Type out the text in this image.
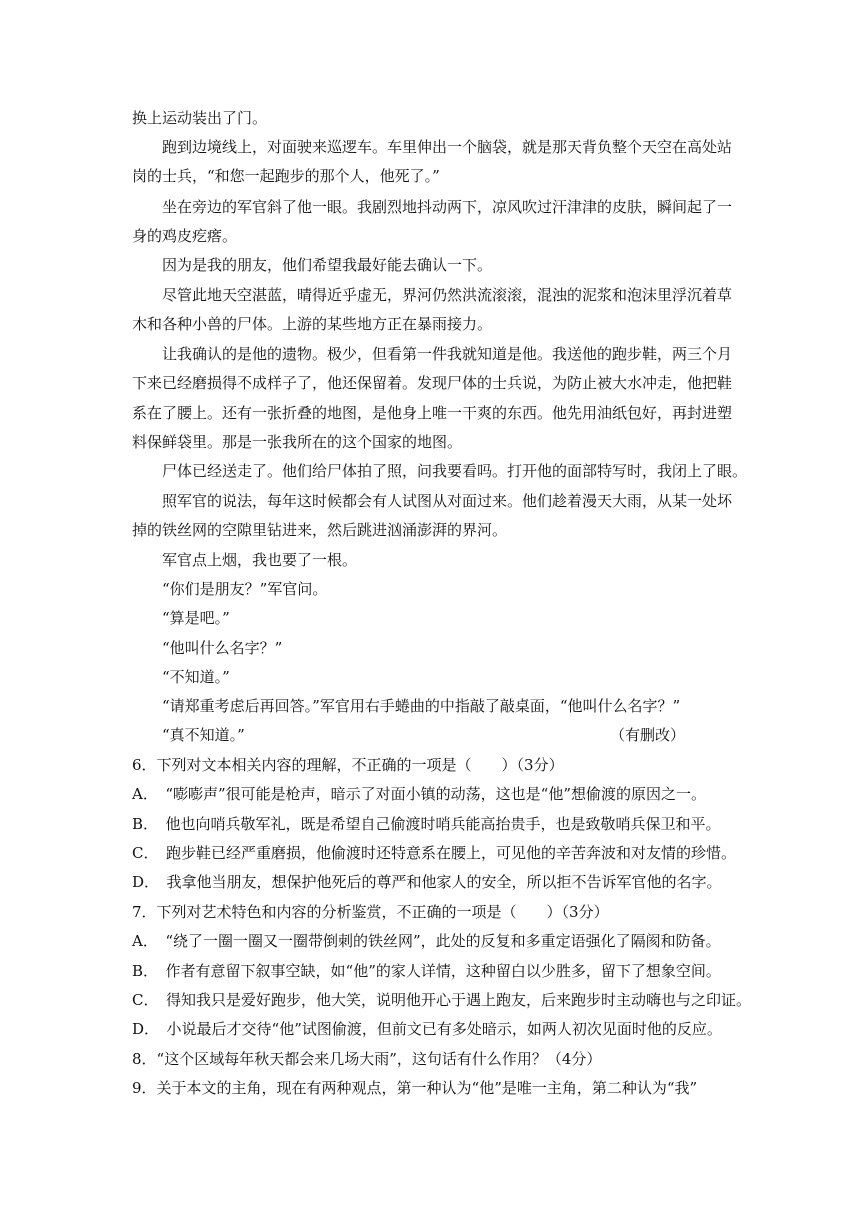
换上运动装出了门。
跑到边境线上，对面驶来巡逻车。车里伸出一个脑袋，就是那天背负整个天空在高处站
岗的士兵，“和您一起跑步的那个人，他死了。”
坐在旁边的军官斜了他一眼。我剧烈地抖动两下，凉风吹过汗津津的皮肤，瞬间起了一
身的鸡皮疙瘩。
因为是我的朋友，他们希望我最好能去确认一下。
尽管此地天空湛蓝，晴得近乎虚无，界河仍然洪流滚滚，混浊的泥浆和泡沫里浮沉着草
木和各种小兽的尸体。上游的某些地方正在暴雨接力。
让我确认的是他的遗物。极少，但看第一件我就知道是他。我送他的跑步鞋，两三个月
下来已经磨损得不成样子了，他还保留着。发现尸体的士兵说，为防止被大水冲走，他把鞋
系在了腰上。还有一张折叠的地图，是他身上唯一干爽的东西。他先用油纸包好，再封进塑
料保鲜袋里。那是一张我所在的这个国家的地图。
尸体已经送走了。他们给尸体拍了照，问我要看吗。打开他的面部特写时，我闭上了眼。
照军官的说法，每年这时候都会有人试图从对面过来。他们趁着漫天大雨，从某一处坏
掉的铁丝网的空隙里钻进来，然后跳进汹涌澎湃的界河。
军官点上烟，我也要了一根。
“你们是朋友？”军官问。
“算是吧。”
“他叫什么名字？”
“不知道。”
“请郑重考虑后再回答。”军官用右手蜷曲的中指敲了敲桌面，“他叫什么名字？”
“真不知道。”	（有删改）
6．下列对文本相关内容的理解，不正确的一项是（　　）（3分）
A．　“嘭嘭声”很可能是枪声，暗示了对面小镇的动荡，这也是“他”想偷渡的原因之一。
B．　他也向哨兵敬军礼，既是希望自己偷渡时哨兵能高抬贵手，也是致敬哨兵保卫和平。
C．　跑步鞋已经严重磨损，他偷渡时还特意系在腰上，可见他的辛苦奔波和对友情的珍惜。
D．　我拿他当朋友，想保护他死后的尊严和他家人的安全，所以拒不告诉军官他的名字。
7．下列对艺术特色和内容的分析鉴赏，不正确的一项是（　　）（3分）
A．　“绕了一圈一圈又一圈带倒刺的铁丝网”，此处的反复和多重定语强化了隔阂和防备。
B．　作者有意留下叙事空缺，如“他”的家人详情，这种留白以少胜多，留下了想象空间。
C．　得知我只是爱好跑步，他大笑，说明他开心于遇上跑友，后来跑步时主动嗨也与之印证。
D．　小说最后才交待“他”试图偷渡，但前文已有多处暗示，如两人初次见面时他的反应。
8．“这个区域每年秋天都会来几场大雨”，这句话有什么作用？（4分）
9．关于本文的主角，现在有两种观点，第一种认为“他”是唯一主角，第二种认为“我”
